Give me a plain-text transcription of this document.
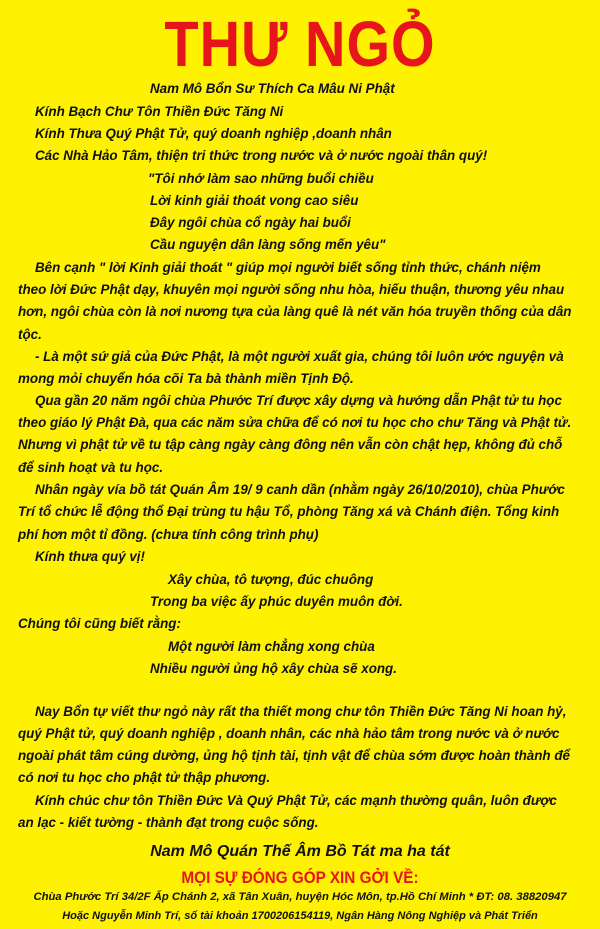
THƯ NGỎ
Nam Mô Bổn Sư Thích Ca Mâu Ni Phật
Kính Bạch Chư Tôn Thiền Đức Tăng Ni
Kính Thưa Quý Phật Tử, quý doanh nghiệp ,doanh nhân
Các Nhà Hảo Tâm, thiện tri thức trong nước và ở nước ngoài thân quý!
"Tôi nhớ làm sao những buổi chiều
Lời kinh giải thoát vong cao siêu
Đây ngôi chùa cổ ngày hai buổi
Cầu nguyện dân làng sống mến yêu"
Bên cạnh " lời Kinh giải thoát " giúp mọi người biết sống tỉnh thức, chánh niệm
theo lời Đức Phật dạy, khuyên mọi người sống nhu hòa, hiếu thuận, thương yêu nhau
hơn, ngôi chùa còn là nơi nương tựa của làng quê là nét văn hóa truyền thống của dân
tộc.
- Là một sứ giả của Đức Phật, là một người xuất gia, chúng tôi luôn ước nguyện và
mong mỏi chuyển hóa cõi Ta bà thành miền Tịnh Độ.
Qua gần 20 năm ngôi chùa Phước Trí được xây dựng và hướng dẫn Phật tử tu học
theo giáo lý Phật Đà, qua các năm sửa chữa để có nơi tu học cho chư Tăng và Phật tử.
Nhưng vì phật tử về tu tập càng ngày càng đông nên vẫn còn chật hẹp, không đủ chỗ
để sinh hoạt và tu học.
Nhân ngày vía bồ tát Quán Âm 19/ 9 canh dần (nhằm ngày 26/10/2010), chùa Phước
Trí tổ chức lễ động thổ Đại trùng tu hậu Tổ, phòng Tăng xá và Chánh điện. Tổng kinh
phí hơn một tỉ đồng. (chưa tính công trình phụ)
Kính thưa quý vị!
Xây chùa, tô tượng, đúc chuông
Trong ba việc ấy phúc duyên muôn đời.
Chúng tôi cũng biết rằng:
Một người làm chẳng xong chùa
Nhiều người ủng hộ xây chùa sẽ xong.
Nay Bổn tự viết thư ngỏ này rất tha thiết mong chư tôn Thiền Đức Tăng Ni hoan hỷ,
quý Phật tử, quý doanh nghiệp , doanh nhân, các nhà hảo tâm trong nước và ở nước
ngoài phát tâm cúng dường, ủng hộ tịnh tài, tịnh vật để chùa sớm được hoàn thành để
có nơi tu học cho phật tử thập phương.
Kính chúc chư tôn Thiền Đức Và Quý Phật Tử, các mạnh thường quân, luôn được
an lạc - kiết tường - thành đạt trong cuộc sống.
Nam Mô Quán Thế Âm Bồ Tát ma ha tát
MỌI SỰ ĐÓNG GÓP XIN GỞI VỀ:
Chùa Phước Trí 34/2F Ấp Chánh 2, xã Tân Xuân, huyện Hóc Môn, tp.Hồ Chí Minh * ĐT: 08. 38820947
Hoặc Nguyễn Minh Trí, số tài khoản 1700206154119, Ngân Hàng Nông Nghiệp và Phát Triển
